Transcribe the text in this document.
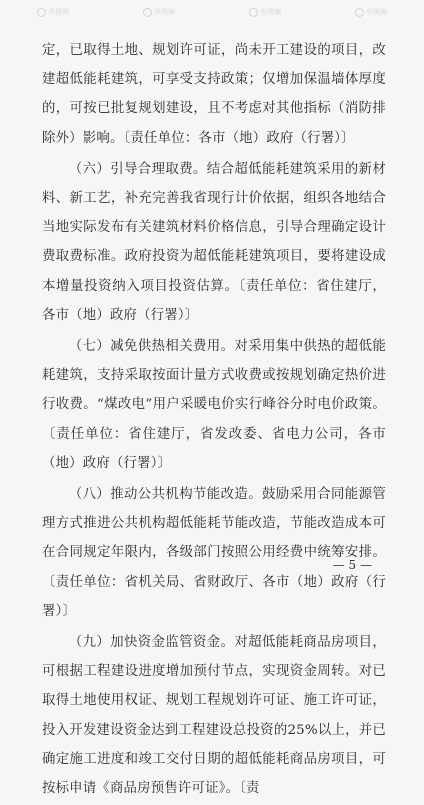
央视频	央视频	央视频	央视频

定，已取得土地、规划许可证，尚未开工建设的项目，改建超低能耗建筑，可享受支持政策；仅增加保温墙体厚度的，可按已批复规划建设，且不考虑对其他指标（消防排除外）影响。〔责任单位：各市（地）政府（行署）〕

（六）引导合理取费。结合超低能耗建筑采用的新材料、新工艺，补充完善我省现行计价依据，组织各地结合当地实际发布有关建筑材料价格信息，引导合理确定设计费取费标准。政府投资为超低能耗建筑项目，要将建设成本增量投资纳入项目投资估算。〔责任单位：省住建厅，各市（地）政府（行署）〕

（七）减免供热相关费用。对采用集中供热的超低能耗建筑，支持采取按面计量方式收费或按规划确定热价进行收费。“煤改电”用户采暖电价实行峰谷分时电价政策。〔责任单位：省住建厅，省发改委、省电力公司，各市（地）政府（行署）〕

（八）推动公共机构节能改造。鼓励采用合同能源管理方式推进公共机构超低能耗节能改造，节能改造成本可在合同规定年限内，各级部门按照公用经费中统筹安排。〔责任单位：省机关局、省财政厅、各市（地）政府（行署）〕

（九）加快资金监管资金。对超低能耗商品房项目，可根据工程建设进度增加预付节点，实现资金周转。对已取得土地使用权证、规划工程规划许可证、施工许可证，投入开发建设资金达到工程建设总投资的25%以上，并已确定施工进度和竣工交付日期的超低能耗商品房项目，可按标申请《商品房预售许可证》。〔责

— 5 —
